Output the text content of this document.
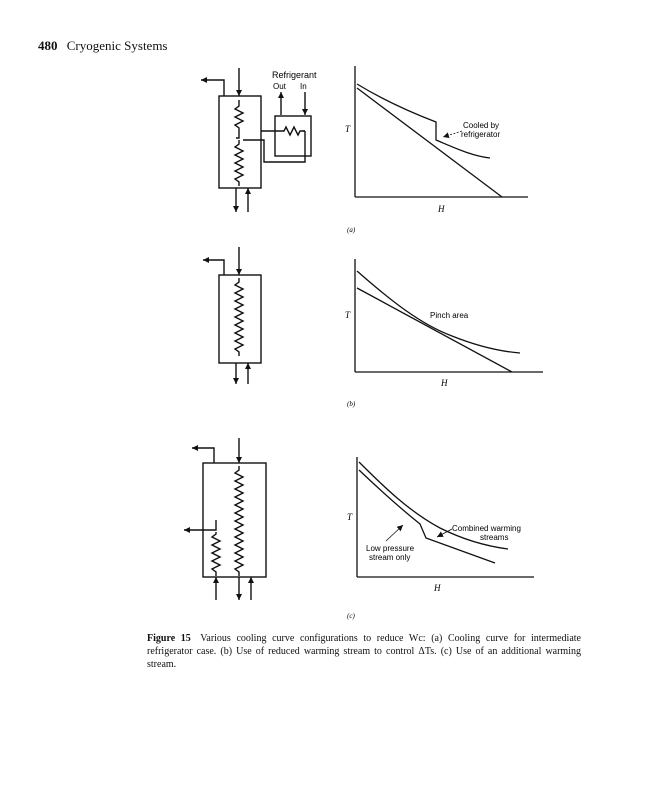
480 Cryogenic Systems
Refrigerant
Out In
T
H
Cooled by
refrigerator
(a)
T
H
Pinch area
(b)
T
H
Combined warming
streams
Low pressure
stream only
(c)
Figure 15 Various cooling curve configurations to reduce Wc: (a) Cooling curve for intermediate refrigerator case. (b) Use of reduced warming stream to control ΔTs. (c) Use of an additional warming stream.
